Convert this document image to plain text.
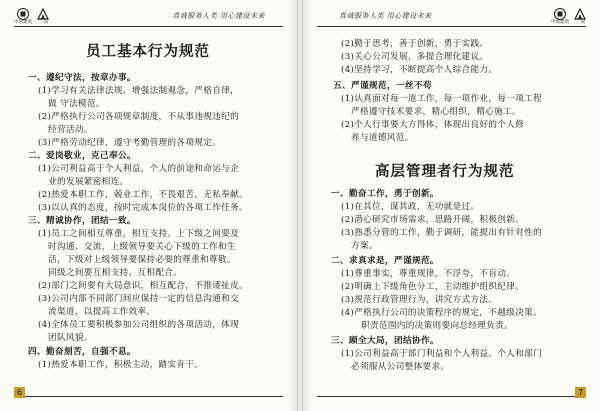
中国建筑 三 局
真诚服务人类 用心建设未来
员工基本行为规范
一、遵纪守法，按章办事。
(1)学习有关法律法规，增强法制观念，严格自律，
做 守法模范。
(2)严格执行公司各项规章制度，不从事违规违纪的
经营活动。
(3)严格劳动纪律，遵守考勤管理的各项规定。
二、爱岗敬业，克己奉公。
(1)公司利益高于个人利益，个人的前途和命运与企
业的发展紧密相连。
(2)热爱本职工作，兢业工作，不畏艰苦，无私奉献。
(3)以认真的态度，按时完成本岗位的各项工作任务。
三、精诚协作，团结一致。
(1)员工之间相互尊重，相互支持。上下级之间要及
时沟通、交流，上级领导要关心下级的工作和生
活，下级对上级领导要保持必要的尊重和尊敬。
同级之间要互相支持、互相配合。
(2)部门之间要有大局意识，相互配合，不推诿扯皮。
(3)公司内部不同部门间应保持一定的信息沟通和交
流渠道，以提高工作效率。
(4)全体员工要积极参加公司组织的各项活动，体现
团队风貌。
四、勤奋刻苦，自强不息。
(1)热爱本职工作，积极主动，踏实肯干。
6
真诚服务人类 用心建设未来
中国建筑 三 局
(2)勤于思考，善于创新，勇于实践。
(3)关心公司发展，多提合理化建议。
(4)坚持学习，不断提高个人综合能力。
五、严谨规范，一丝不苟
(1)认真面对每一道工作，每一项作业，每一项工程
严格遵守技术要求，精心组织，精心施工。
(2)个人行事要大方得体，体现出良好的个人修
养与道德风范。
高层管理者行为规范
一、勤奋工作，勇于创新。
(1)在其位，谋其政，无功就是过。
(2)潜心研究市场需求，思路开阔，积极创新。
(3)熟悉分管的工作，勤于调研，能提出有针对性的
方案。
二、求真求是，严谨规范。
(1)尊重事实，尊重规律，不浮夸，不盲动。
(2)明确上下级角色分工，主动维护组织纪律。
(3)规范行政管理行为，讲究方式方法。
(4)严格执行公司的决策程序的规定，不越级决策。
职责范围内的决策则要向总经理负责。
三、顾全大局，团结协作。
(1)公司利益高于部门利益和个人利益。个人和部门
必须服从公司整体要求。
7
